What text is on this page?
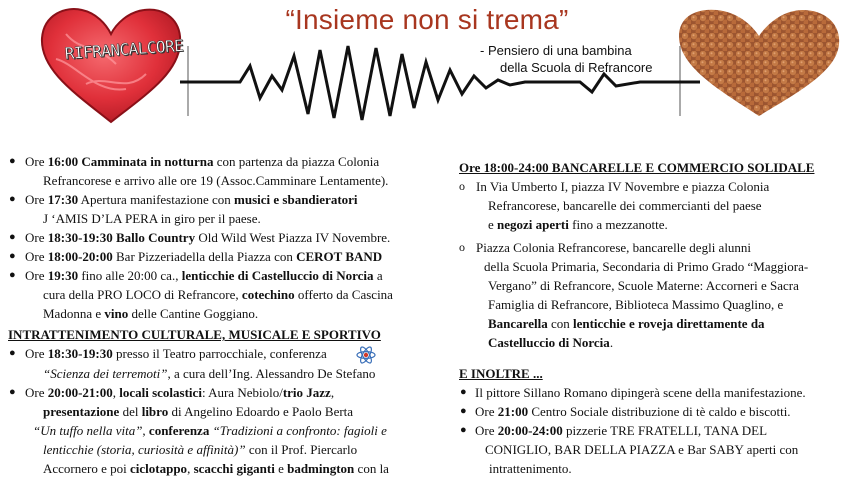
“Insieme non si trema”
- Pensiero di una bambina
della Scuola di Refrancore
RIFRANCALCORE
● Ore 16:00 Camminata in notturna con partenza da piazza Colonia
Refrancorese e arrivo alle ore 19 (Assoc.Camminare Lentamente).
● Ore 17:30 Apertura manifestazione con musici e sbandieratori
J ‘AMIS D’LA PERA in giro per il paese.
● Ore 18:30-19:30 Ballo Country Old Wild West Piazza IV Novembre.
● Ore 18:00-20:00 Bar Pizzeriadella della Piazza con CEROT BAND
● Ore 19:30 fino alle 20:00 ca., lenticchie di Castelluccio di Norcia a
cura della PRO LOCO di Refrancore, cotechino offerto da Cascina
Madonna e vino delle Cantine Goggiano.
INTRATTENIMENTO CULTURALE, MUSICALE E SPORTIVO
● Ore 18:30-19:30 presso il Teatro parrocchiale, conferenza
“Scienza dei terremoti”, a cura dell’Ing. Alessandro De Stefano
● Ore 20:00-21:00, locali scolastici: Aura Nebiolo/trio Jazz,
presentazione del libro di Angelino Edoardo e Paolo Berta
“Un tuffo nella vita”, conferenza “Tradizioni a confronto: fagioli e
lenticchie (storia, curiosità e affinità)” con il Prof. Piercarlo
Accornero e poi ciclotappo, scacchi giganti e badmington con la
Ore 18:00-24:00 BANCARELLE E COMMERCIO SOLIDALE
o In Via Umberto I, piazza IV Novembre e piazza Colonia
Refrancorese, bancarelle dei commercianti del paese
e negozi aperti fino a mezzanotte.
o Piazza Colonia Refrancorese, bancarelle degli alunni
della Scuola Primaria, Secondaria di Primo Grado “Maggiora-
Vergano” di Refrancore, Scuole Materne: Accorneri e Sacra
Famiglia di Refrancore, Biblioteca Massimo Quaglino, e
Bancarella con lenticchie e roveja direttamente da
Castelluccio di Norcia.
E INOLTRE ...
● Il pittore Sillano Romano dipingerà scene della manifestazione.
● Ore 21:00 Centro Sociale distribuzione di tè caldo e biscotti.
● Ore 20:00-24:00 pizzerie TRE FRATELLI, TANA DEL
CONIGLIO, BAR DELLA PIAZZA e Bar SABY aperti con
intrattenimento.
